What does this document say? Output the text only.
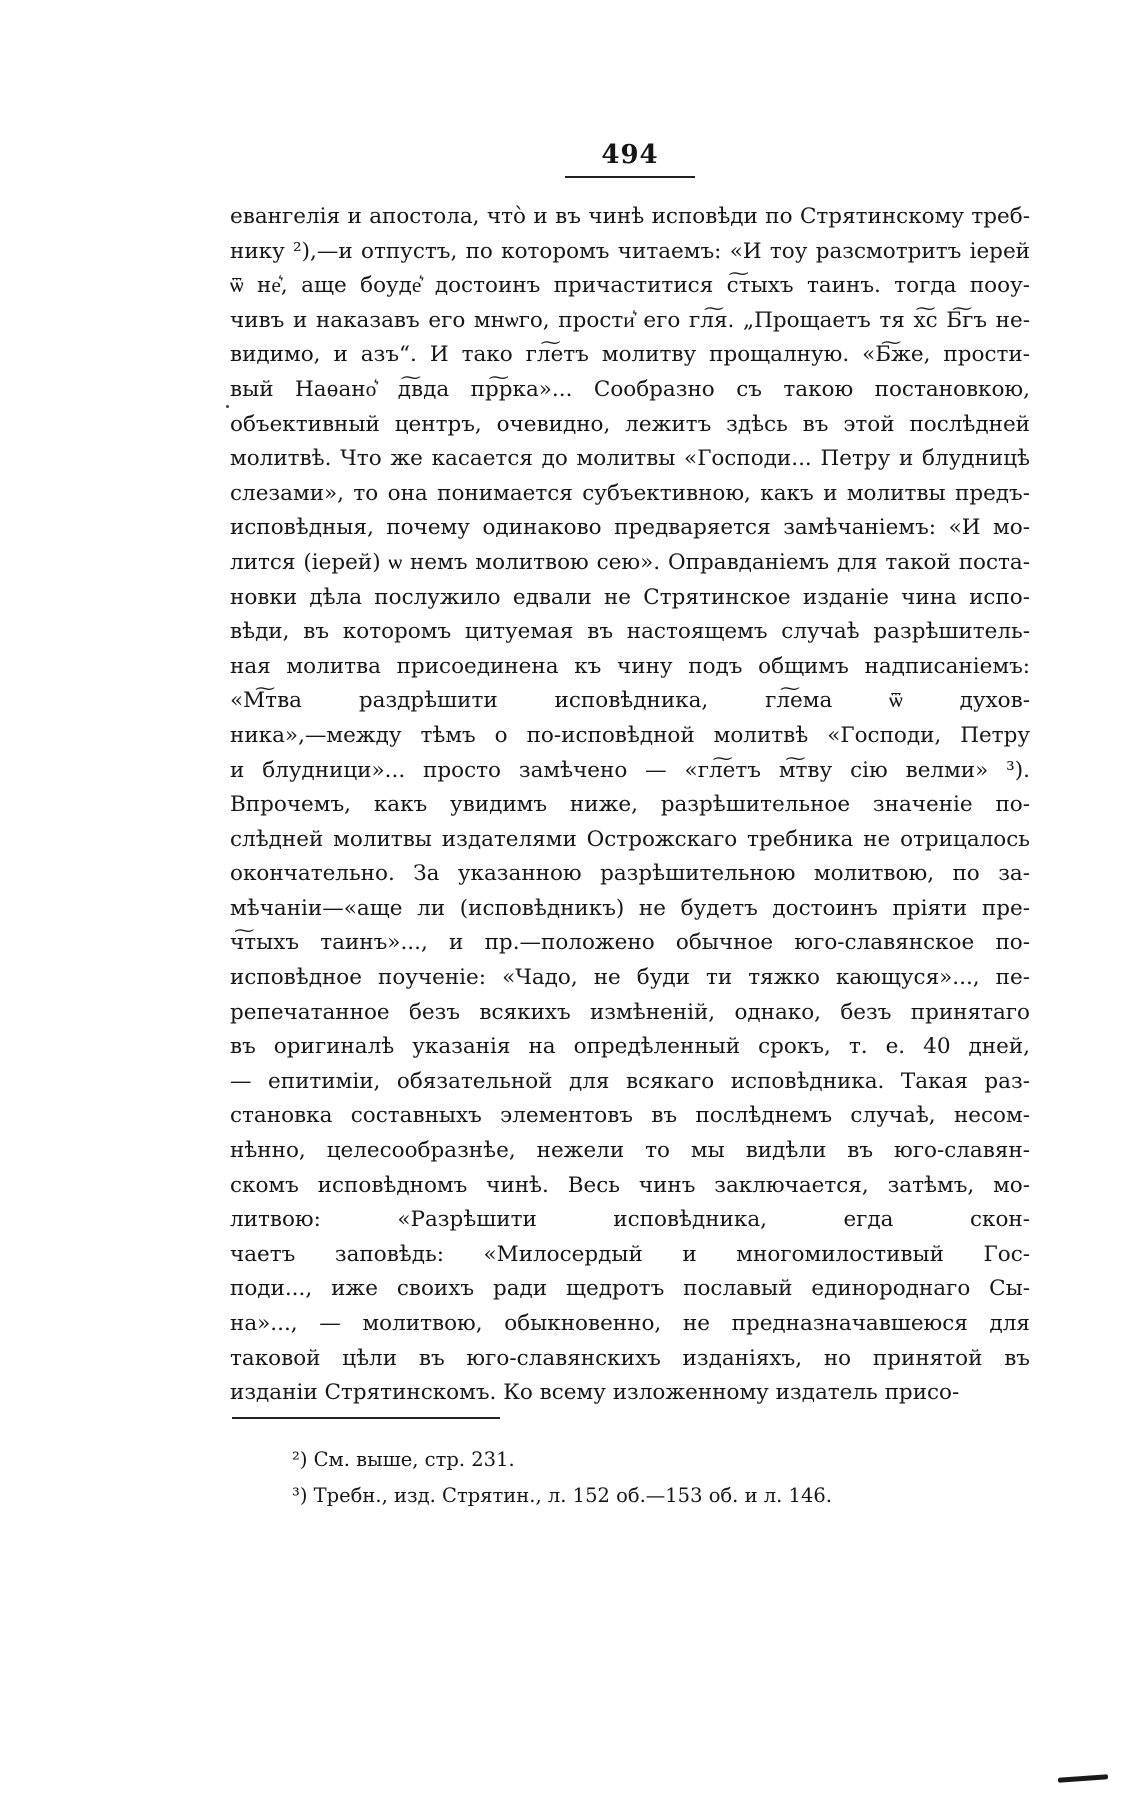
494
евангелія и апостола, что̀ и въ чинѣ исповѣди по Стрятинскому треб-
нику ²),—и отпустъ, по которомъ читаемъ: «И тоу разсмотритъ iерей
ѿ не͛, аще боуде͛ достоинъ причаститися с͠тыхъ таинъ. тогда пооу-
чивъ и наказавъ его мнѡго, прости͛ его гл͠я. „Прощаетъ тя х͠с Б͠гъ не-
видимо, и азъ“. И тако гл͠етъ молитву прощалную. «Б͠же, прости-
вый Наѳано͛ д͠вда пр͠рка»... Сообразно съ такою постановкою,
объективный центръ, очевидно, лежитъ здѣсь въ этой послѣдней
молитвѣ. Что же касается до молитвы «Господи... Петру и блудницѣ
слезами», то она понимается субъективною, какъ и молитвы предъ-
исповѣдныя, почему одинаково предваряется замѣчаніемъ: «И мо-
лится (iерей) ѡ немъ молитвою сею». Оправданіемъ для такой поста-
новки дѣла послужило едвали не Стрятинское изданіе чина испо-
вѣди, въ которомъ цитуемая въ настоящемъ случаѣ разрѣшитель-
ная молитва присоединена къ чину подъ общимъ надписаніемъ:
«М͠тва раздрѣшити исповѣдника, гл͠ема ѿ духов-
ника»,—между тѣмъ о по-исповѣдной молитвѣ «Господи, Петру
и блудници»... просто замѣчено — «гл͠етъ м͠тву сію велми» ³).
Впрочемъ, какъ увидимъ ниже, разрѣшительное значеніе по-
слѣдней молитвы издателями Острожскаго требника не отрицалось
окончательно. За указанною разрѣшительною молитвою, по за-
мѣчаніи—«аще ли (исповѣдникъ) не будетъ достоинъ пріяти пре-
ч͠тыхъ таинъ»..., и пр.—положено обычное юго-славянское по-
исповѣдное поученіе: «Чадо, не буди ти тяжко кающуся»..., пе-
репечатанное безъ всякихъ измѣненій, однако, безъ принятаго
въ оригиналѣ указанія на опредѣленный срокъ, т. е. 40 дней,
— епитиміи, обязательной для всякаго исповѣдника. Такая раз-
становка составныхъ элементовъ въ послѣднемъ случаѣ, несом-
нѣнно, целесообразнѣе, нежели то мы видѣли въ юго-славян-
скомъ исповѣдномъ чинѣ. Весь чинъ заключается, затѣмъ, мо-
литвою: «Разрѣшити исповѣдника, егда скон-
чаетъ заповѣдь: «Милосердый и многомилостивый Гос-
поди..., иже своихъ ради щедротъ пославый единороднаго Сы-
на»..., — молитвою, обыкновенно, не предназначавшеюся для
таковой цѣли въ юго-славянскихъ изданіяхъ, но принятой въ
изданіи Стрятинскомъ. Ко всему изложенному издатель присо-
²) См. выше, стр. 231.
³) Требн., изд. Стрятин., л. 152 об.—153 об. и л. 146.
